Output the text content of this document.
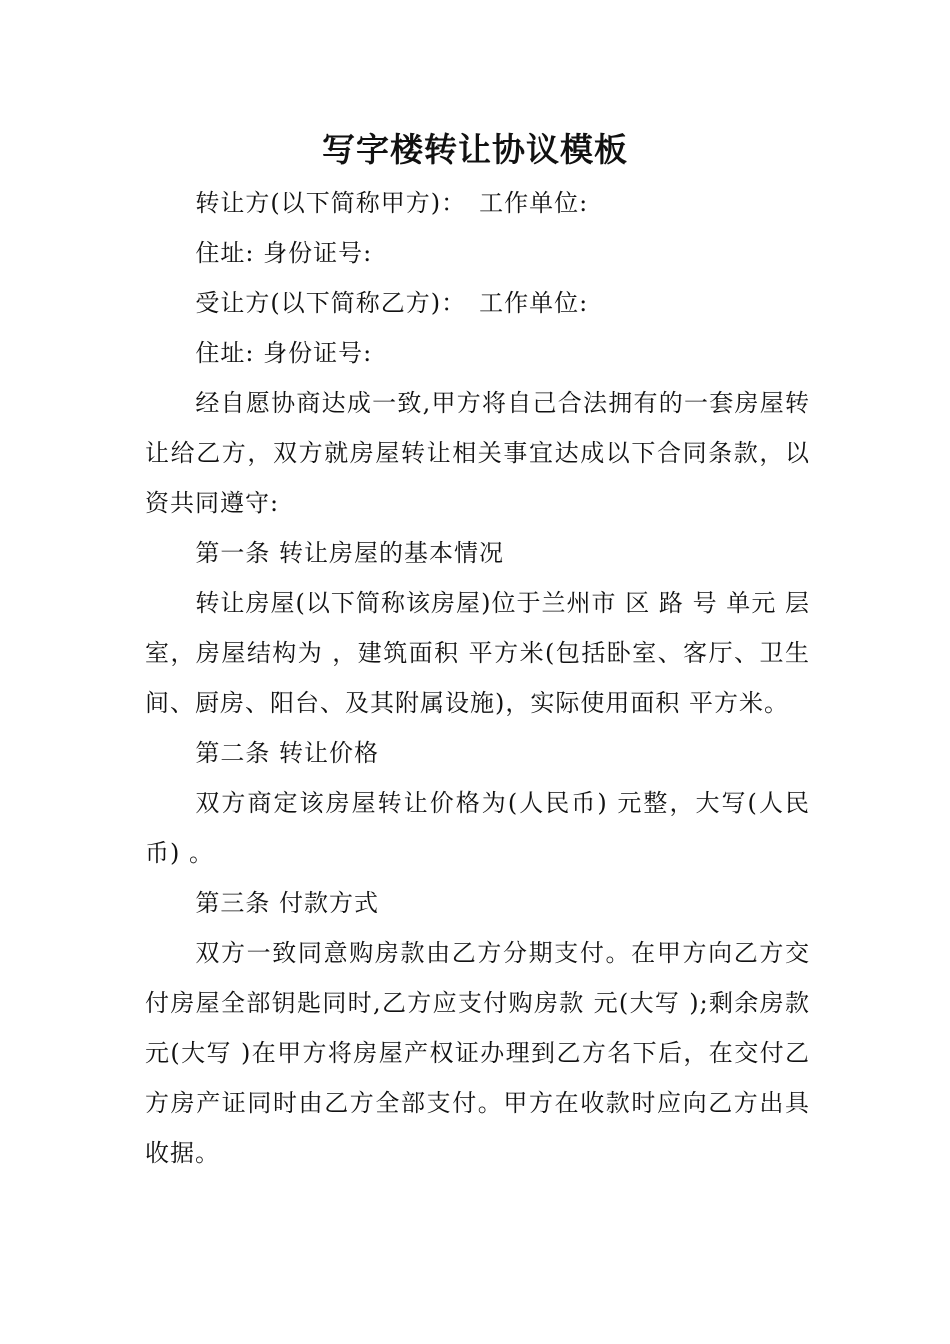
写字楼转让协议模板

转让方(以下简称甲方)：　工作单位:

住址: 身份证号:

受让方(以下简称乙方)：　工作单位:

住址: 身份证号:

经自愿协商达成一致,甲方将自己合法拥有的一套房屋转让给乙方，双方就房屋转让相关事宜达成以下合同条款，以资共同遵守:

第一条 转让房屋的基本情况

转让房屋(以下简称该房屋)位于兰州市 区 路 号 单元 层 室，房屋结构为 ，建筑面积 平方米(包括卧室、客厅、卫生间、厨房、阳台、及其附属设施)，实际使用面积 平方米。

第二条 转让价格

双方商定该房屋转让价格为(人民币) 元整，大写(人民币) 。

第三条 付款方式

双方一致同意购房款由乙方分期支付。在甲方向乙方交付房屋全部钥匙同时,乙方应支付购房款 元(大写 );剩余房款 元(大写 )在甲方将房屋产权证办理到乙方名下后，在交付乙方房产证同时由乙方全部支付。甲方在收款时应向乙方出具收据。
